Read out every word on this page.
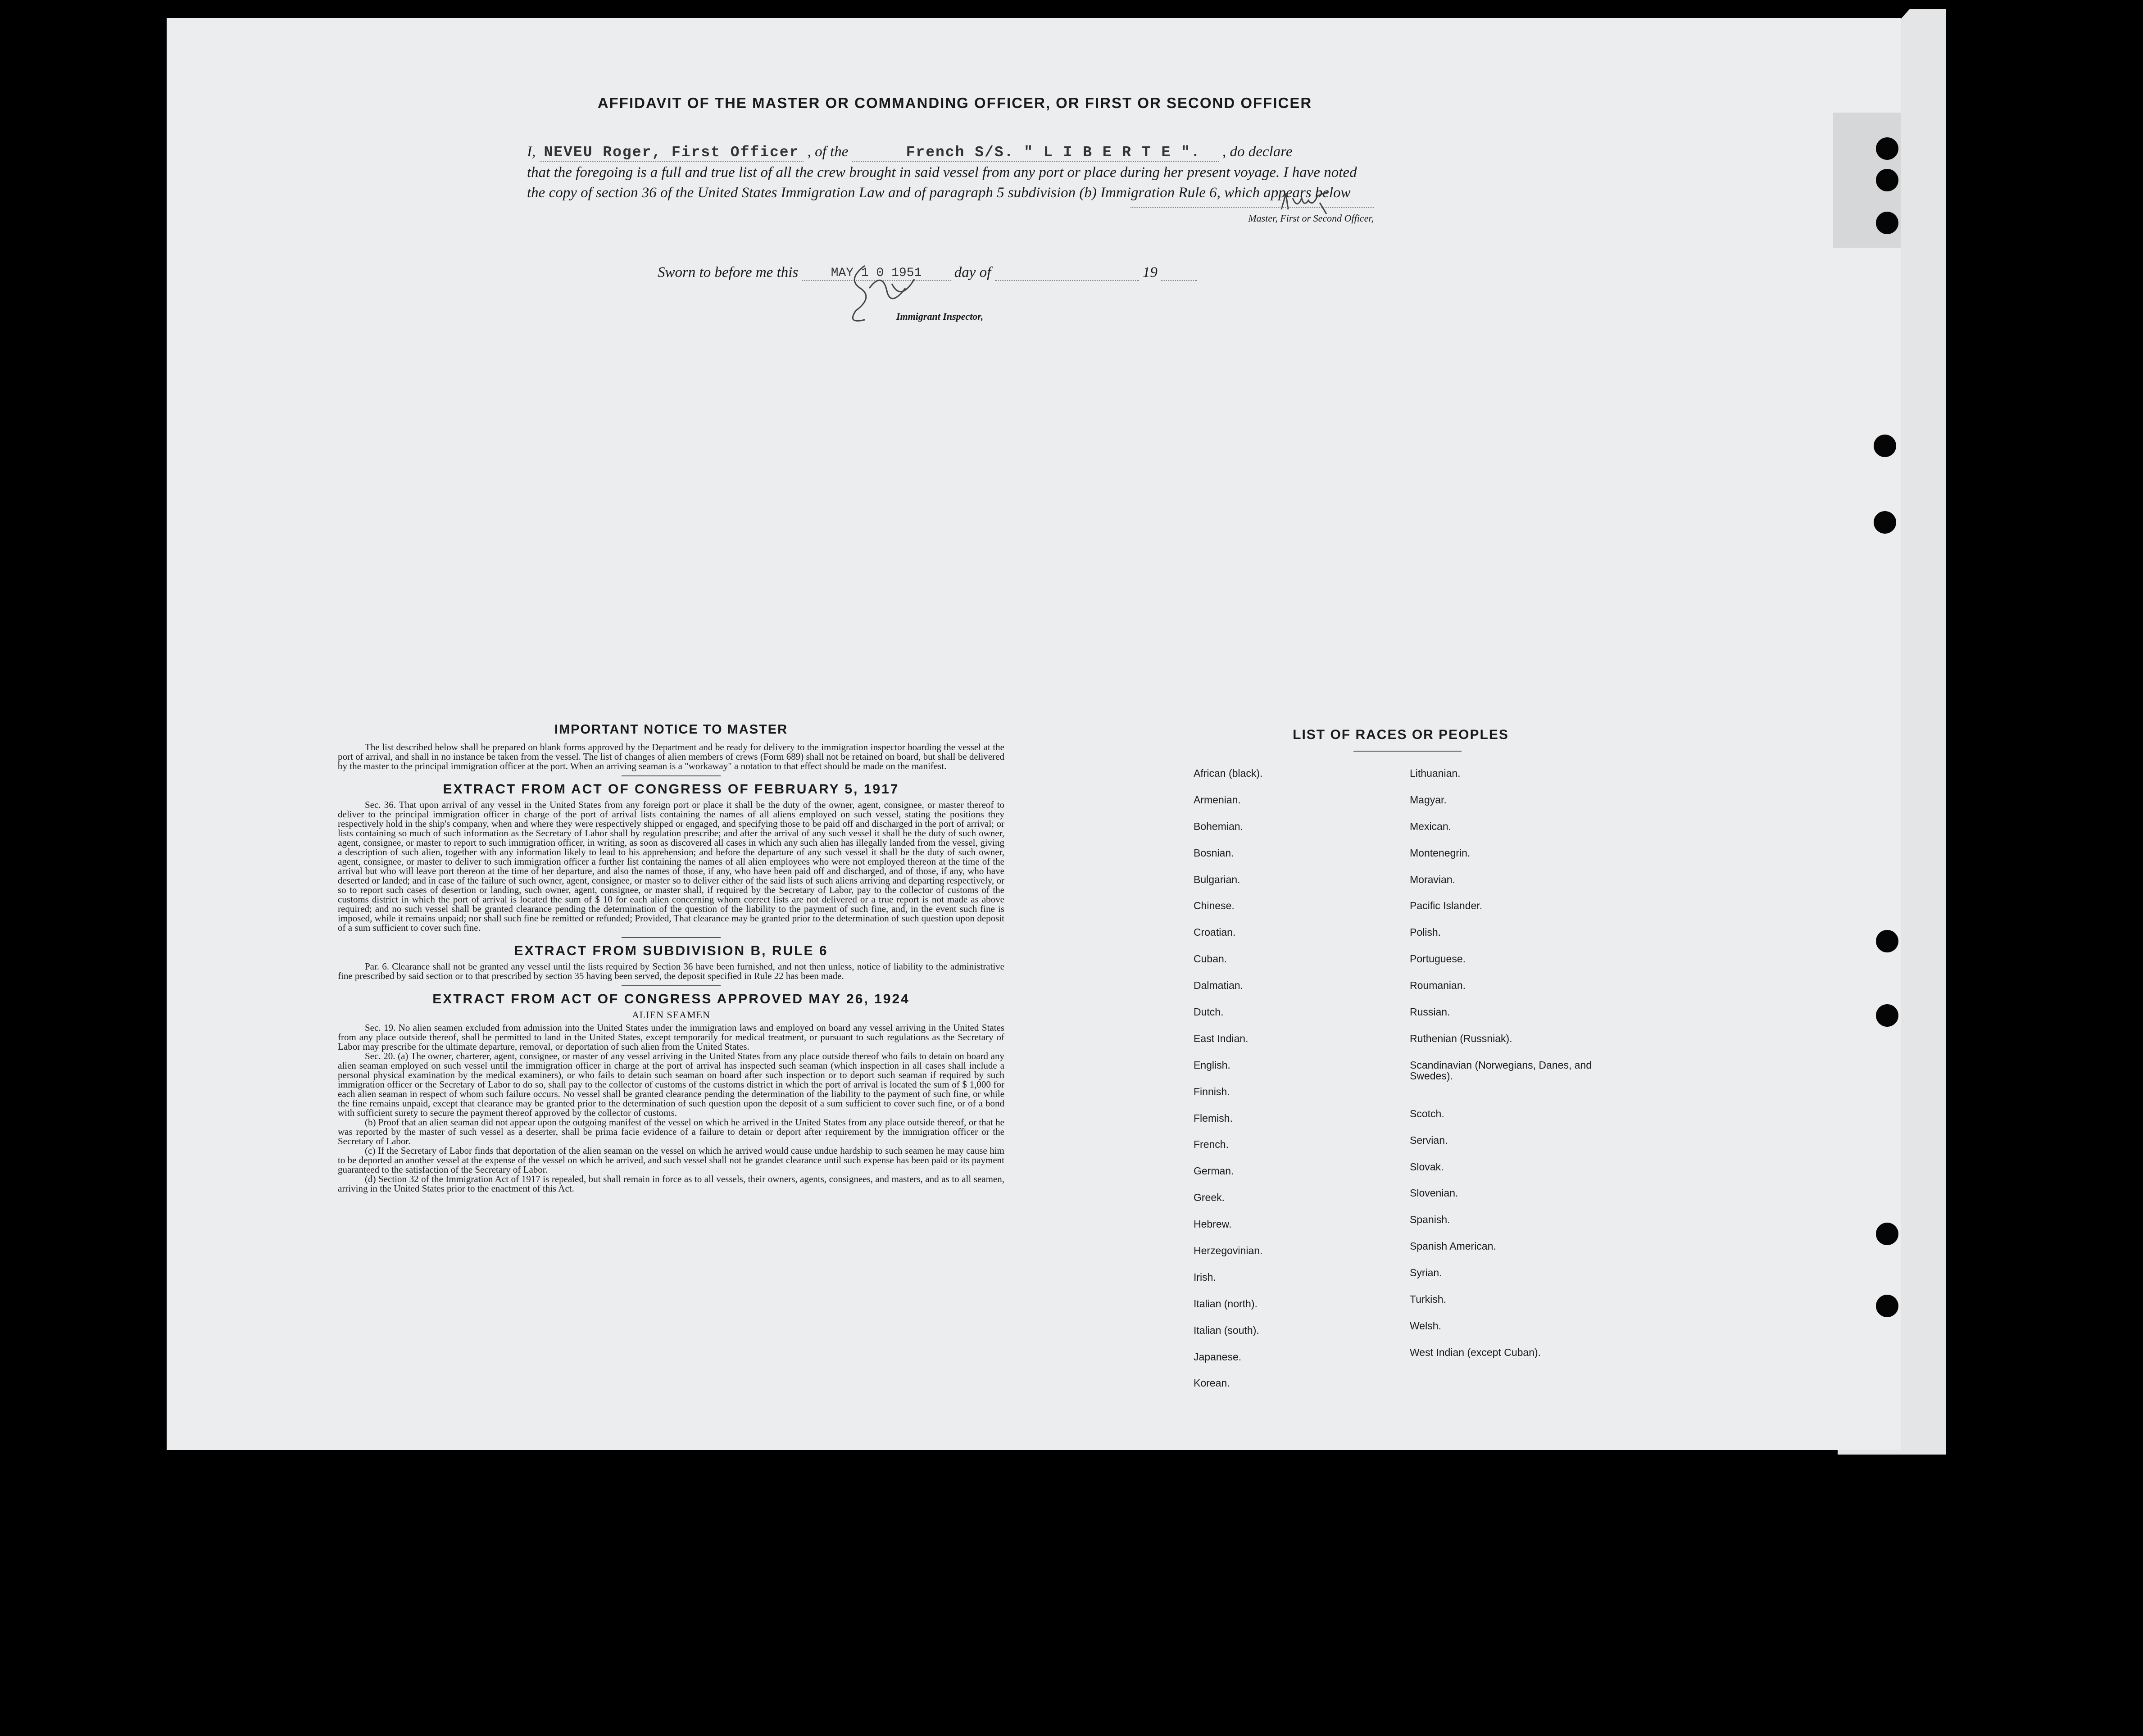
AFFIDAVIT OF THE MASTER OR COMMANDING OFFICER, OR FIRST OR SECOND OFFICER
I, NEVEU Roger, First Officer , of the	French S/S. " L I B E R T E ". , do declare
that the foregoing is a full and true list of all the crew brought in said vessel from any port or place during her present voyage. I have noted the copy of section 36 of the United States Immigration Law and of paragraph 5 subdivision (b) Immigration Rule 6, which appears below
Master, First or Second Officer,
Sworn to before me this	MAY 1 0 1951 day of	19
Immigrant Inspector,
IMPORTANT NOTICE TO MASTER

The list described below shall be prepared on blank forms approved by the Department and be ready for delivery to the immigration inspector boarding the vessel at the port of arrival, and shall in no instance be taken from the vessel. The list of changes of alien members of crews (Form 689) shall not be retained on board, but shall be delivered by the master to the principal immigration officer at the port. When an arriving seaman is a "workaway" a notation to that effect should be made on the manifest.

EXTRACT FROM ACT OF CONGRESS OF FEBRUARY 5, 1917

Sec. 36. That upon arrival of any vessel in the United States from any foreign port or place it shall be the duty of the owner, agent, consignee, or master thereof to deliver to the principal immigration officer in charge of the port of arrival lists containing the names of all aliens employed on such vessel, stating the positions they respectively hold in the ship's company, when and where they were respectively shipped or engaged, and specifying those to be paid off and discharged in the port of arrival; or lists containing so much of such information as the Secretary of Labor shall by regulation prescribe; and after the arrival of any such vessel it shall be the duty of such owner, agent, consignee, or master to report to such immigration officer, in writing, as soon as discovered all cases in which any such alien has illegally landed from the vessel, giving a description of such alien, together with any information likely to lead to his apprehension; and before the departure of any such vessel it shall be the duty of such owner, agent, consignee, or master to deliver to such immigration officer a further list containing the names of all alien employees who were not employed thereon at the time of the arrival but who will leave port thereon at the time of her departure, and also the names of those, if any, who have been paid off and discharged, and of those, if any, who have deserted or landed; and in case of the failure of such owner, agent, consignee, or master so to deliver either of the said lists of such aliens arriving and departing respectively, or so to report such cases of desertion or landing, such owner, agent, consignee, or master shall, if required by the Secretary of Labor, pay to the collector of customs of the customs district in which the port of arrival is located the sum of $ 10 for each alien concerning whom correct lists are not delivered or a true report is not made as above required; and no such vessel shall be granted clearance pending the determination of the question of the liability to the payment of such fine, and, in the event such fine is imposed, while it remains unpaid; nor shall such fine be remitted or refunded; Provided, That clearance may be granted prior to the determination of such question upon deposit of a sum sufficient to cover such fine.

EXTRACT FROM SUBDIVISION B, RULE 6

Par. 6. Clearance shall not be granted any vessel until the lists required by Section 36 have been furnished, and not then unless, notice of liability to the administrative fine prescribed by said section or to that prescribed by section 35 having been served, the deposit specified in Rule 22 has been made.

EXTRACT FROM ACT OF CONGRESS APPROVED MAY 26, 1924
ALIEN SEAMEN

Sec. 19. No alien seamen excluded from admission into the United States under the immigration laws and employed on board any vessel arriving in the United States from any place outside thereof, shall be permitted to land in the United States, except temporarily for medical treatment, or pursuant to such regulations as the Secretary of Labor may prescribe for the ultimate departure, removal, or deportation of such alien from the United States.

Sec. 20. (a) The owner, charterer, agent, consignee, or master of any vessel arriving in the United States from any place outside thereof who fails to detain on board any alien seaman employed on such vessel until the immigration officer in charge at the port of arrival has inspected such seaman (which inspection in all cases shall include a personal physical examination by the medical examiners), or who fails to detain such seaman on board after such inspection or to deport such seaman if required by such immigration officer or the Secretary of Labor to do so, shall pay to the collector of customs of the customs district in which the port of arrival is located the sum of $ 1,000 for each alien seaman in respect of whom such failure occurs. No vessel shall be granted clearance pending the determination of the liability to the payment of such fine, or while the fine remains unpaid, except that clearance may be granted prior to the determination of such question upon the deposit of a sum sufficient to cover such fine, or of a bond with sufficient surety to secure the payment thereof approved by the collector of customs.

(b) Proof that an alien seaman did not appear upon the outgoing manifest of the vessel on which he arrived in the United States from any place outside thereof, or that he was reported by the master of such vessel as a deserter, shall be prima facie evidence of a failure to detain or deport after requirement by the immigration officer or the Secretary of Labor.

(c) If the Secretary of Labor finds that deportation of the alien seaman on the vessel on which he arrived would cause undue hardship to such seamen he may cause him to be deported an another vessel at the expense of the vessel on which he arrived, and such vessel shall not be grandet clearance until such expense has been paid or its payment guaranteed to the satisfaction of the Secretary of Labor.

(d) Section 32 of the Immigration Act of 1917 is repealed, but shall remain in force as to all vessels, their owners, agents, consignees, and masters, and as to all seamen, arriving in the United States prior to the enactment of this Act.

LIST OF RACES OR PEOPLES
African (black).
Armenian.
Bohemian.
Bosnian.
Bulgarian.
Chinese.
Croatian.
Cuban.
Dalmatian.
Dutch.
East Indian.
English.
Finnish.
Flemish.
French.
German.
Greek.
Hebrew.
Herzegovinian.
Irish.
Italian (north).
Italian (south).
Japanese.
Korean.
Lithuanian.
Magyar.
Mexican.
Montenegrin.
Moravian.
Pacific Islander.
Polish.
Portuguese.
Roumanian.
Russian.
Ruthenian (Russniak).
Scandinavian (Norwegians, Danes, and Swedes).
Scotch.
Servian.
Slovak.
Slovenian.
Spanish.
Spanish American.
Syrian.
Turkish.
Welsh.
West Indian (except Cuban).
